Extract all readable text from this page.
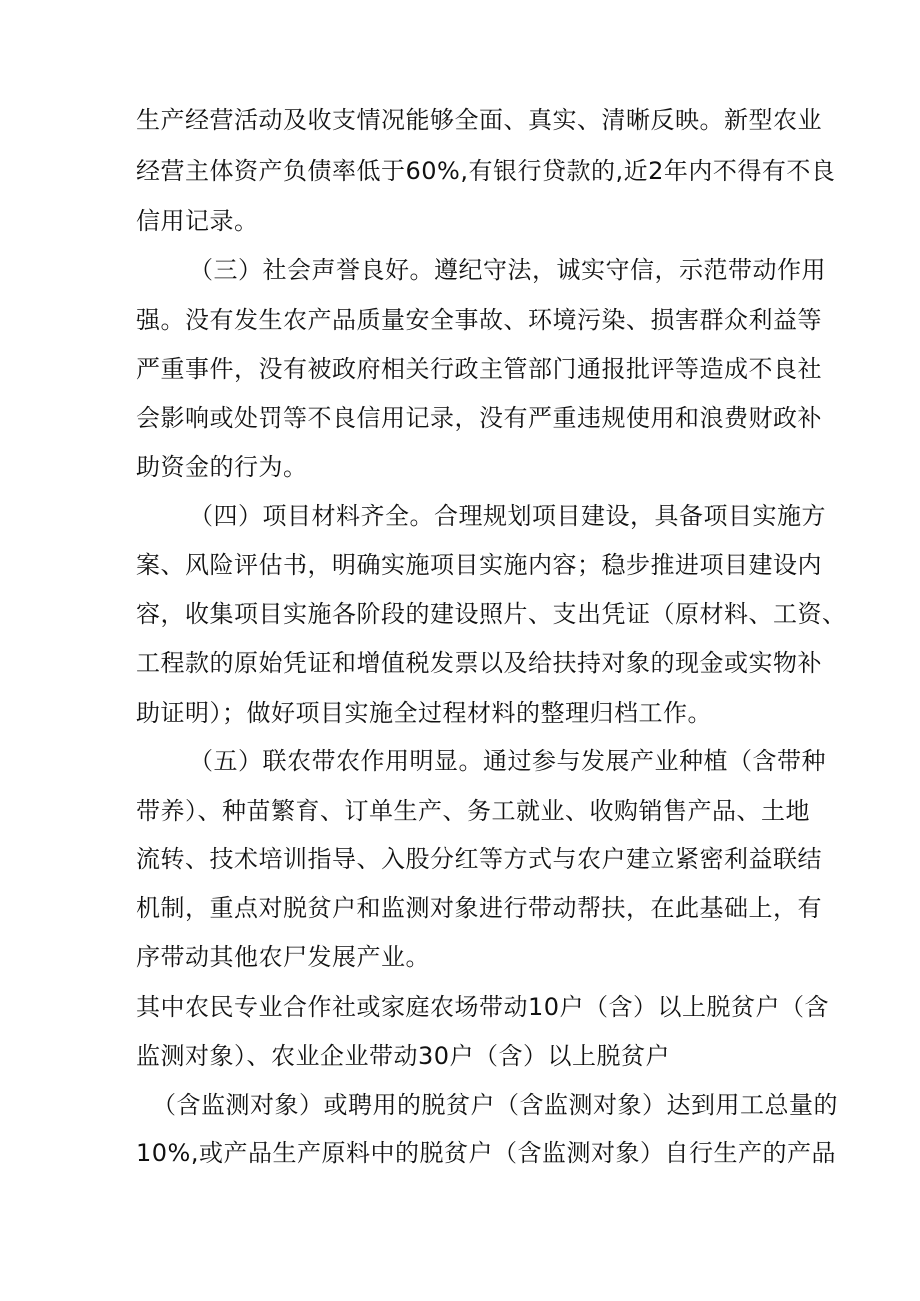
生产经营活动及收支情况能够全面、真实、清晰反映。新型农业
经营主体资产负债率低于60%,有银行贷款的,近2年内不得有不良
信用记录。
（三）社会声誉良好。遵纪守法，诚实守信，示范带动作用
强。没有发生农产品质量安全事故、环境污染、损害群众利益等
严重事件，没有被政府相关行政主管部门通报批评等造成不良社
会影响或处罚等不良信用记录，没有严重违规使用和浪费财政补
助资金的行为。
（四）项目材料齐全。合理规划项目建设，具备项目实施方
案、风险评估书，明确实施项目实施内容；稳步推进项目建设内
容，收集项目实施各阶段的建设照片、支出凭证（原材料、工资、
工程款的原始凭证和增值税发票以及给扶持对象的现金或实物补
助证明）；做好项目实施全过程材料的整理归档工作。
（五）联农带农作用明显。通过参与发展产业种植（含带种
带养）、种苗繁育、订单生产、务工就业、收购销售产品、土地
流转、技术培训指导、入股分红等方式与农户建立紧密利益联结
机制，重点对脱贫户和监测对象进行带动帮扶，在此基础上，有
序带动其他农尸发展产业。
其中农民专业合作社或家庭农场带动10户（含）以上脱贫户（含
监测对象）、农业企业带动30户（含）以上脱贫户
（含监测对象）或聘用的脱贫户（含监测对象）达到用工总量的
10%,或产品生产原料中的脱贫户（含监测对象）自行生产的产品
